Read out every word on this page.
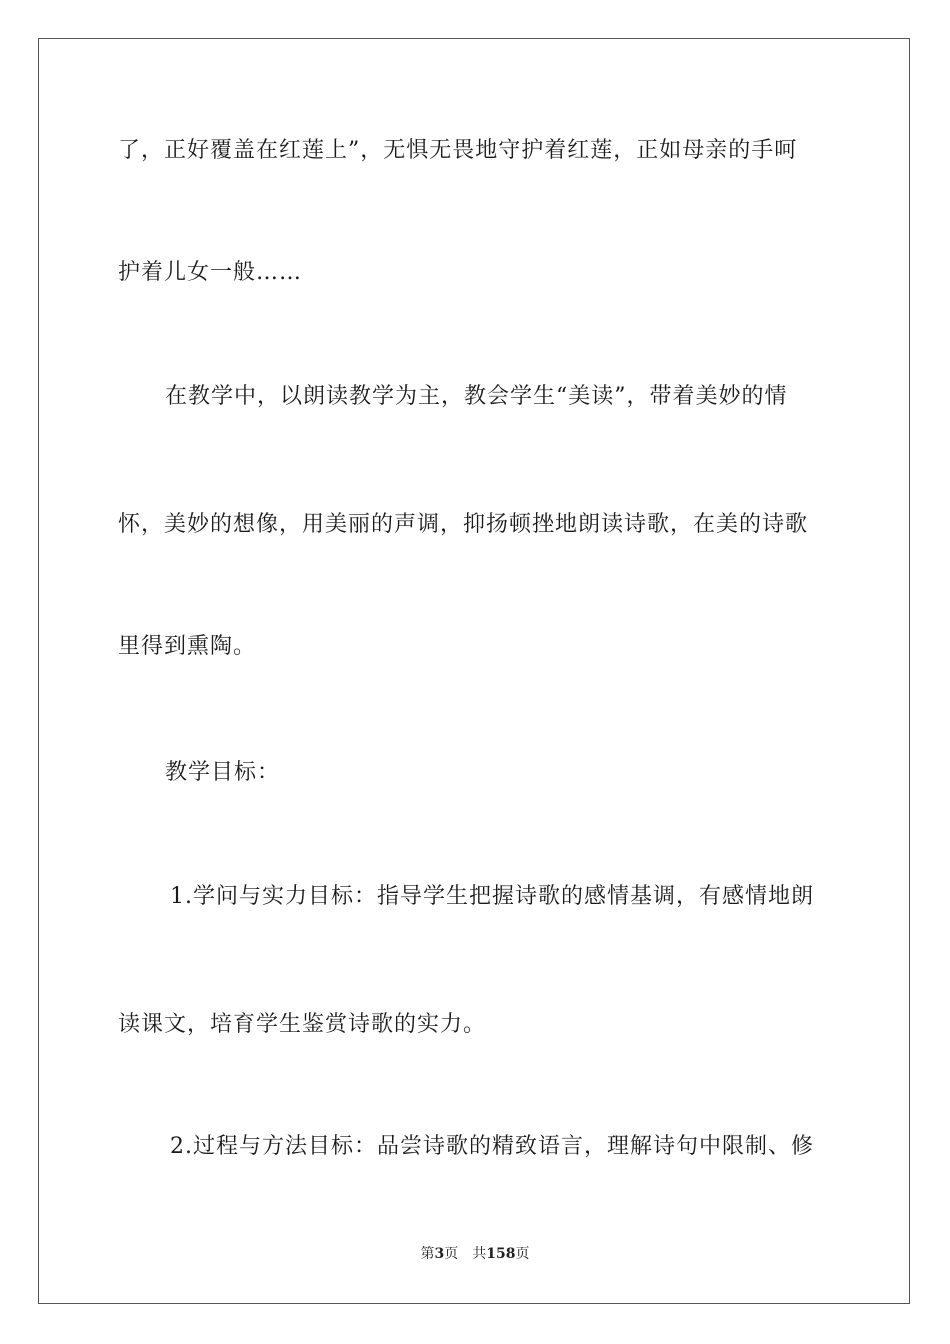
了，正好覆盖在红莲上”，无惧无畏地守护着红莲，正如母亲的手呵
护着儿女一般……
在教学中，以朗读教学为主，教会学生“美读”，带着美妙的情
怀，美妙的想像，用美丽的声调，抑扬顿挫地朗读诗歌，在美的诗歌
里得到熏陶。
教学目标：
1.学问与实力目标：指导学生把握诗歌的感情基调，有感情地朗
读课文，培育学生鉴赏诗歌的实力。
2.过程与方法目标：品尝诗歌的精致语言，理解诗句中限制、修
第3页 共158页
